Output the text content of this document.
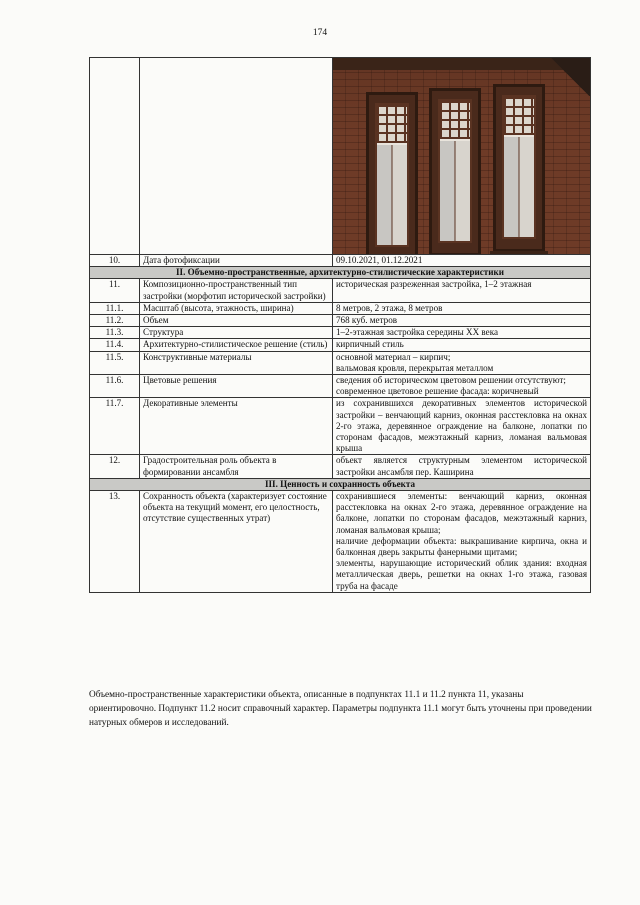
174

10.	Дата фотофиксации	09.10.2021, 01.12.2021
II. Объемно-пространственные, архитектурно-стилистические характеристики		
11.	Композиционно-пространственный тип застройки (морфотип исторической застройки)	историческая разреженная застройка, 1–2 этажная
11.1.	Масштаб (высота, этажность, ширина)	8 метров, 2 этажа, 8 метров
11.2.	Объем	768 куб. метров
11.3.	Структура	1–2-этажная застройка середины XX века
11.4.	Архитектурно-стилистическое решение (стиль)	кирпичный стиль
11.5.	Конструктивные материалы	основной материал – кирпич;
вальмовая кровля, перекрытая металлом

11.6.	Цветовые решения	сведения об историческом цветовом решении отсутствуют;
современное цветовое решение фасада: коричневый

11.7.	Декоративные элементы	из сохранившихся декоративных элементов исторической застройки – венчающий карниз, оконная расстекловка на окнах 2-го этажа, деревянное ограждение на балконе, лопатки по сторонам фасадов, межэтажный карниз, ломаная вальмовая крыша
12.	Градостроительная роль объекта в формировании ансамбля	объект является структурным элементом исторической застройки ансамбля пер. Каширина
III. Ценность и сохранность объекта		
13.	Сохранность объекта (характеризует состояние объекта на текущий момент, его целостность, отсутствие существенных утрат)	сохранившиеся элементы: венчающий карниз, оконная расстекловка на окнах 2-го этажа, деревянное ограждение на балконе, лопатки по сторонам фасадов, межэтажный карниз, ломаная вальмовая крыша;
наличие деформации объекта: выкрашивание кирпича, окна и балконная дверь закрыты фанерными щитами;
элементы, нарушающие исторический облик здания: входная металлическая дверь, решетки на окнах 1-го этажа, газовая труба на фасаде

Объемно-пространственные характеристики объекта, описанные в подпунктах 11.1 и 11.2 пункта 11, указаны ориентировочно. Подпункт 11.2 носит справочный характер. Параметры подпункта 11.1 могут быть уточнены при проведении натурных обмеров и исследований.
